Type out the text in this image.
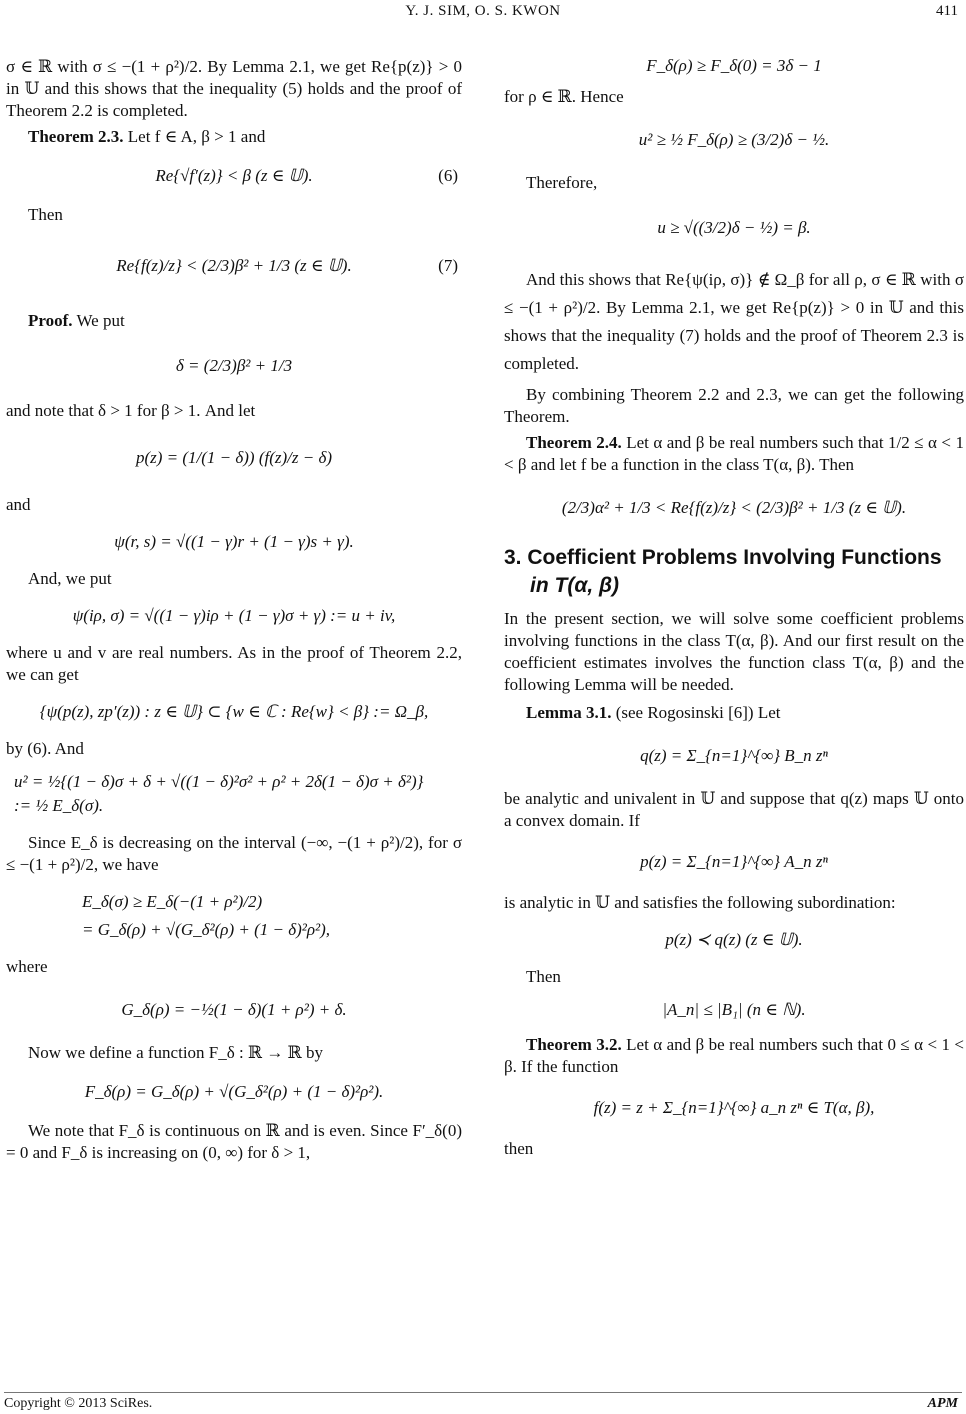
Y. J. SIM, O. S. KWON	411

σ ∈ ℝ with σ ≤ −(1 + ρ²)/2. By Lemma 2.1, we get Re{p(z)} > 0 in 𝕌 and this shows that the inequality (5) holds and the proof of Theorem 2.2 is completed.

Theorem 2.3. Let f ∈ A, β > 1 and

Re{√f′(z)} < β (z ∈ 𝕌).	(6)

Then

Re{f(z)/z} < (2/3)β² + 1/3 (z ∈ 𝕌).	(7)

Proof. We put

δ = (2/3)β² + 1/3

and note that δ > 1 for β > 1. And let

p(z) = (1/(1 − δ)) (f(z)/z − δ)

and

ψ(r, s) = √((1 − γ)r + (1 − γ)s + γ).

And, we put

ψ(iρ, σ) = √((1 − γ)iρ + (1 − γ)σ + γ) := u + iv,

where u and v are real numbers. As in the proof of Theorem 2.2, we can get

{ψ(p(z), zp′(z)) : z ∈ 𝕌} ⊂ {w ∈ ℂ : Re{w} < β} := Ω_β,

by (6). And

u² = ½{(1 − δ)σ + δ + √((1 − δ)²σ² + ρ² + 2δ(1 − δ)σ + δ²)}
:= ½ E_δ(σ).

Since E_δ is decreasing on the interval (−∞, −(1 + ρ²)/2), for σ ≤ −(1 + ρ²)/2, we have

E_δ(σ) ≥ E_δ(−(1 + ρ²)/2)
= G_δ(ρ) + √(G_δ²(ρ) + (1 − δ)²ρ²),

where

G_δ(ρ) = −½(1 − δ)(1 + ρ²) + δ.

Now we define a function F_δ : ℝ → ℝ by

F_δ(ρ) = G_δ(ρ) + √(G_δ²(ρ) + (1 − δ)²ρ²).

We note that F_δ is continuous on ℝ and is even. Since F′_δ(0) = 0 and F_δ is increasing on (0, ∞) for δ > 1,

F_δ(ρ) ≥ F_δ(0) = 3δ − 1

for ρ ∈ ℝ. Hence

u² ≥ ½ F_δ(ρ) ≥ (3/2)δ − ½.

Therefore,

u ≥ √((3/2)δ − ½) = β.

And this shows that Re{ψ(iρ, σ)} ∉ Ω_β for all ρ, σ ∈ ℝ with σ ≤ −(1 + ρ²)/2. By Lemma 2.1, we get Re{p(z)} > 0 in 𝕌 and this shows that the inequality (7) holds and the proof of Theorem 2.3 is completed.

By combining Theorem 2.2 and 2.3, we can get the following Theorem.

Theorem 2.4. Let α and β be real numbers such that 1/2 ≤ α < 1 < β and let f be a function in the class T(α, β). Then

(2/3)α² + 1/3 < Re{f(z)/z} < (2/3)β² + 1/3 (z ∈ 𝕌).
3. Coefficient Problems Involving Functions
in T(α, β)

In the present section, we will solve some coefficient problems involving functions in the class T(α, β). And our first result on the coefficient estimates involves the function class T(α, β) and the following Lemma will be needed.

Lemma 3.1. (see Rogosinski [6]) Let

q(z) = Σ_{n=1}^{∞} B_n zⁿ

be analytic and univalent in 𝕌 and suppose that q(z) maps 𝕌 onto a convex domain. If

p(z) = Σ_{n=1}^{∞} A_n zⁿ

is analytic in 𝕌 and satisfies the following subordination:

p(z) ≺ q(z) (z ∈ 𝕌).

Then

|A_n| ≤ |B₁| (n ∈ ℕ).

Theorem 3.2. Let α and β be real numbers such that 0 ≤ α < 1 < β. If the function

f(z) = z + Σ_{n=1}^{∞} a_n zⁿ ∈ T(α, β),

then

Copyright © 2013 SciRes.	APM
